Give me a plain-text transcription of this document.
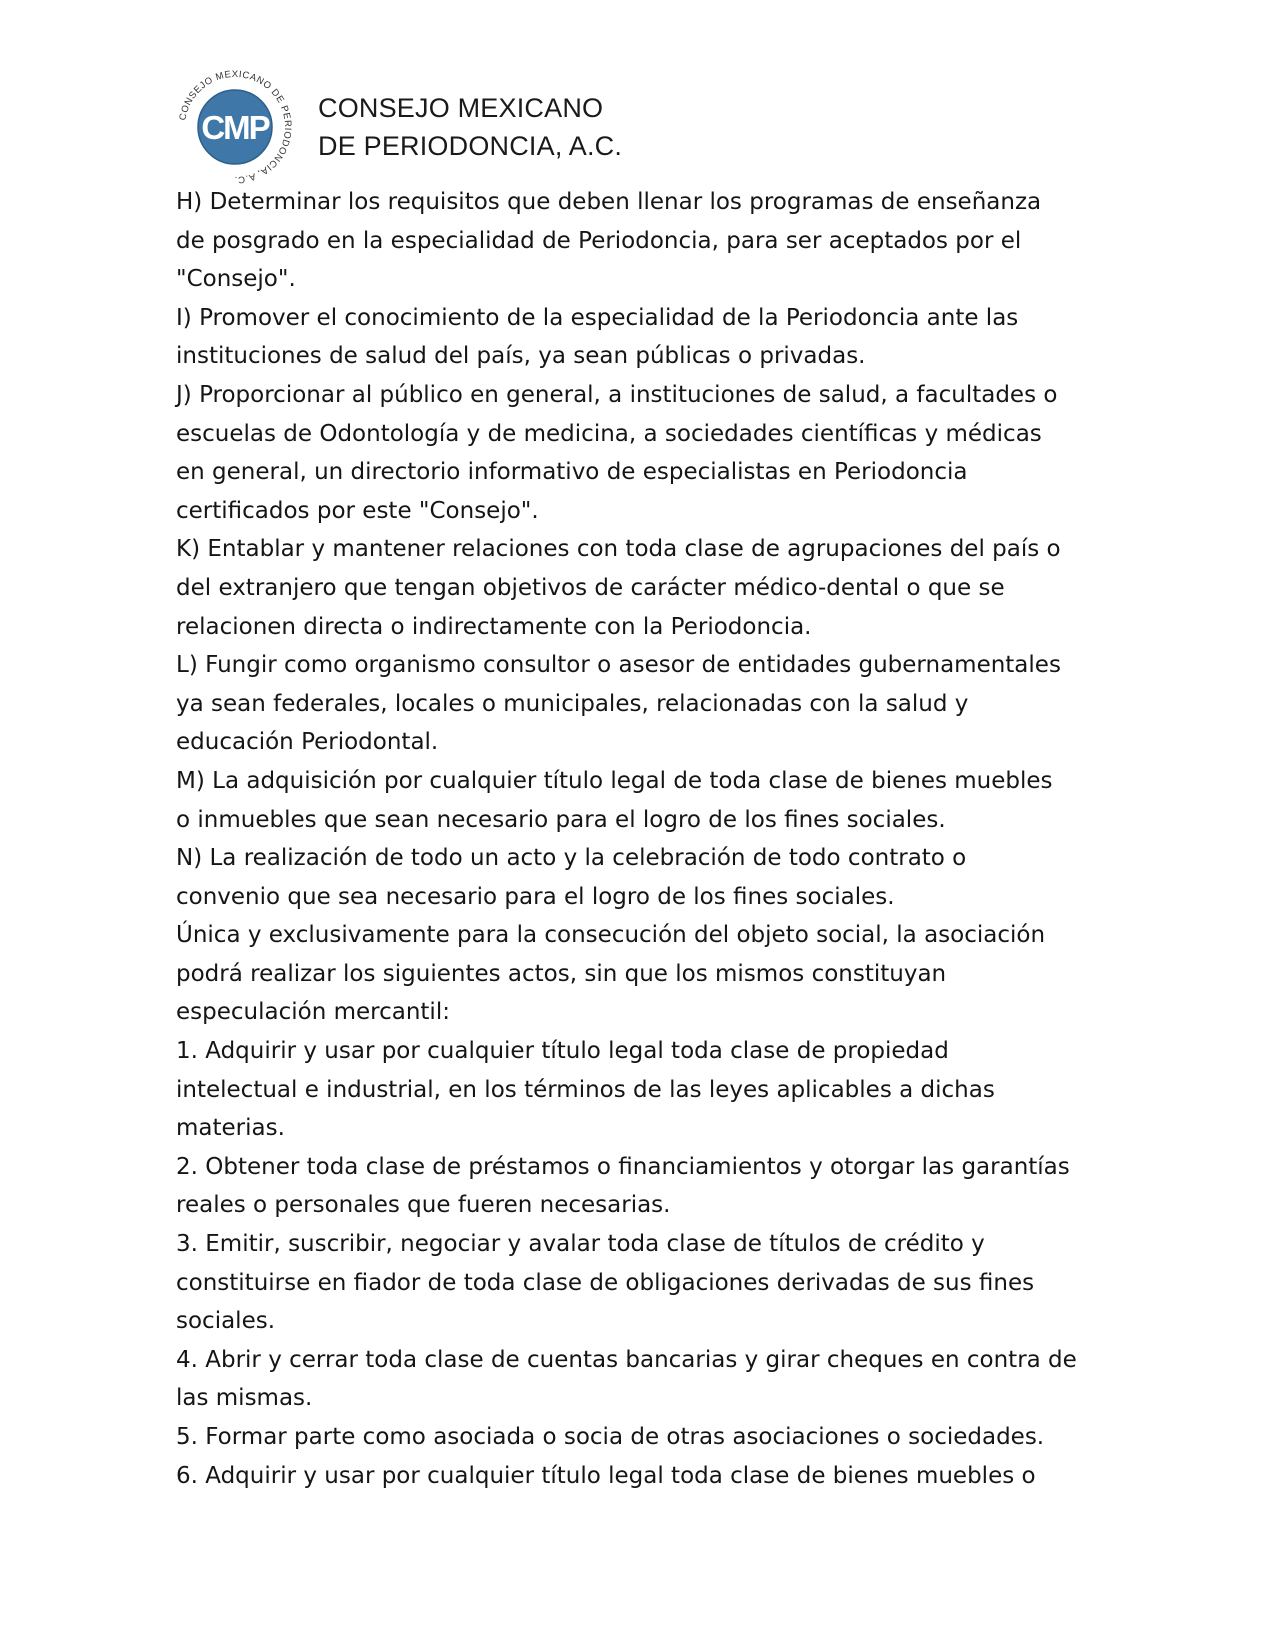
CONSEJO MEXICANO DE PERIODONCIA, A.C.
CMP
CONSEJO MEXICANO
DE PERIODONCIA, A.C.
H) Determinar los requisitos que deben llenar los programas de enseñanza
de posgrado en la especialidad de Periodoncia, para ser aceptados por el
"Consejo".
I) Promover el conocimiento de la especialidad de la Periodoncia ante las
instituciones de salud del país, ya sean públicas o privadas.
J) Proporcionar al público en general, a instituciones de salud, a facultades o
escuelas de Odontología y de medicina, a sociedades científicas y médicas
en general, un directorio informativo de especialistas en Periodoncia
certificados por este "Consejo".
K) Entablar y mantener relaciones con toda clase de agrupaciones del país o
del extranjero que tengan objetivos de carácter médico-dental o que se
relacionen directa o indirectamente con la Periodoncia.
L) Fungir como organismo consultor o asesor de entidades gubernamentales
ya sean federales, locales o municipales, relacionadas con la salud y
educación Periodontal.
M) La adquisición por cualquier título legal de toda clase de bienes muebles
o inmuebles que sean necesario para el logro de los fines sociales.
N) La realización de todo un acto y la celebración de todo contrato o
convenio que sea necesario para el logro de los fines sociales.
Única y exclusivamente para la consecución del objeto social, la asociación
podrá realizar los siguientes actos, sin que los mismos constituyan
especulación mercantil:
1. Adquirir y usar por cualquier título legal toda clase de propiedad
intelectual e industrial, en los términos de las leyes aplicables a dichas
materias.
2. Obtener toda clase de préstamos o financiamientos y otorgar las garantías
reales o personales que fueren necesarias.
3. Emitir, suscribir, negociar y avalar toda clase de títulos de crédito y
constituirse en fiador de toda clase de obligaciones derivadas de sus fines
sociales.
4. Abrir y cerrar toda clase de cuentas bancarias y girar cheques en contra de
las mismas.
5. Formar parte como asociada o socia de otras asociaciones o sociedades.
6. Adquirir y usar por cualquier título legal toda clase de bienes muebles o
